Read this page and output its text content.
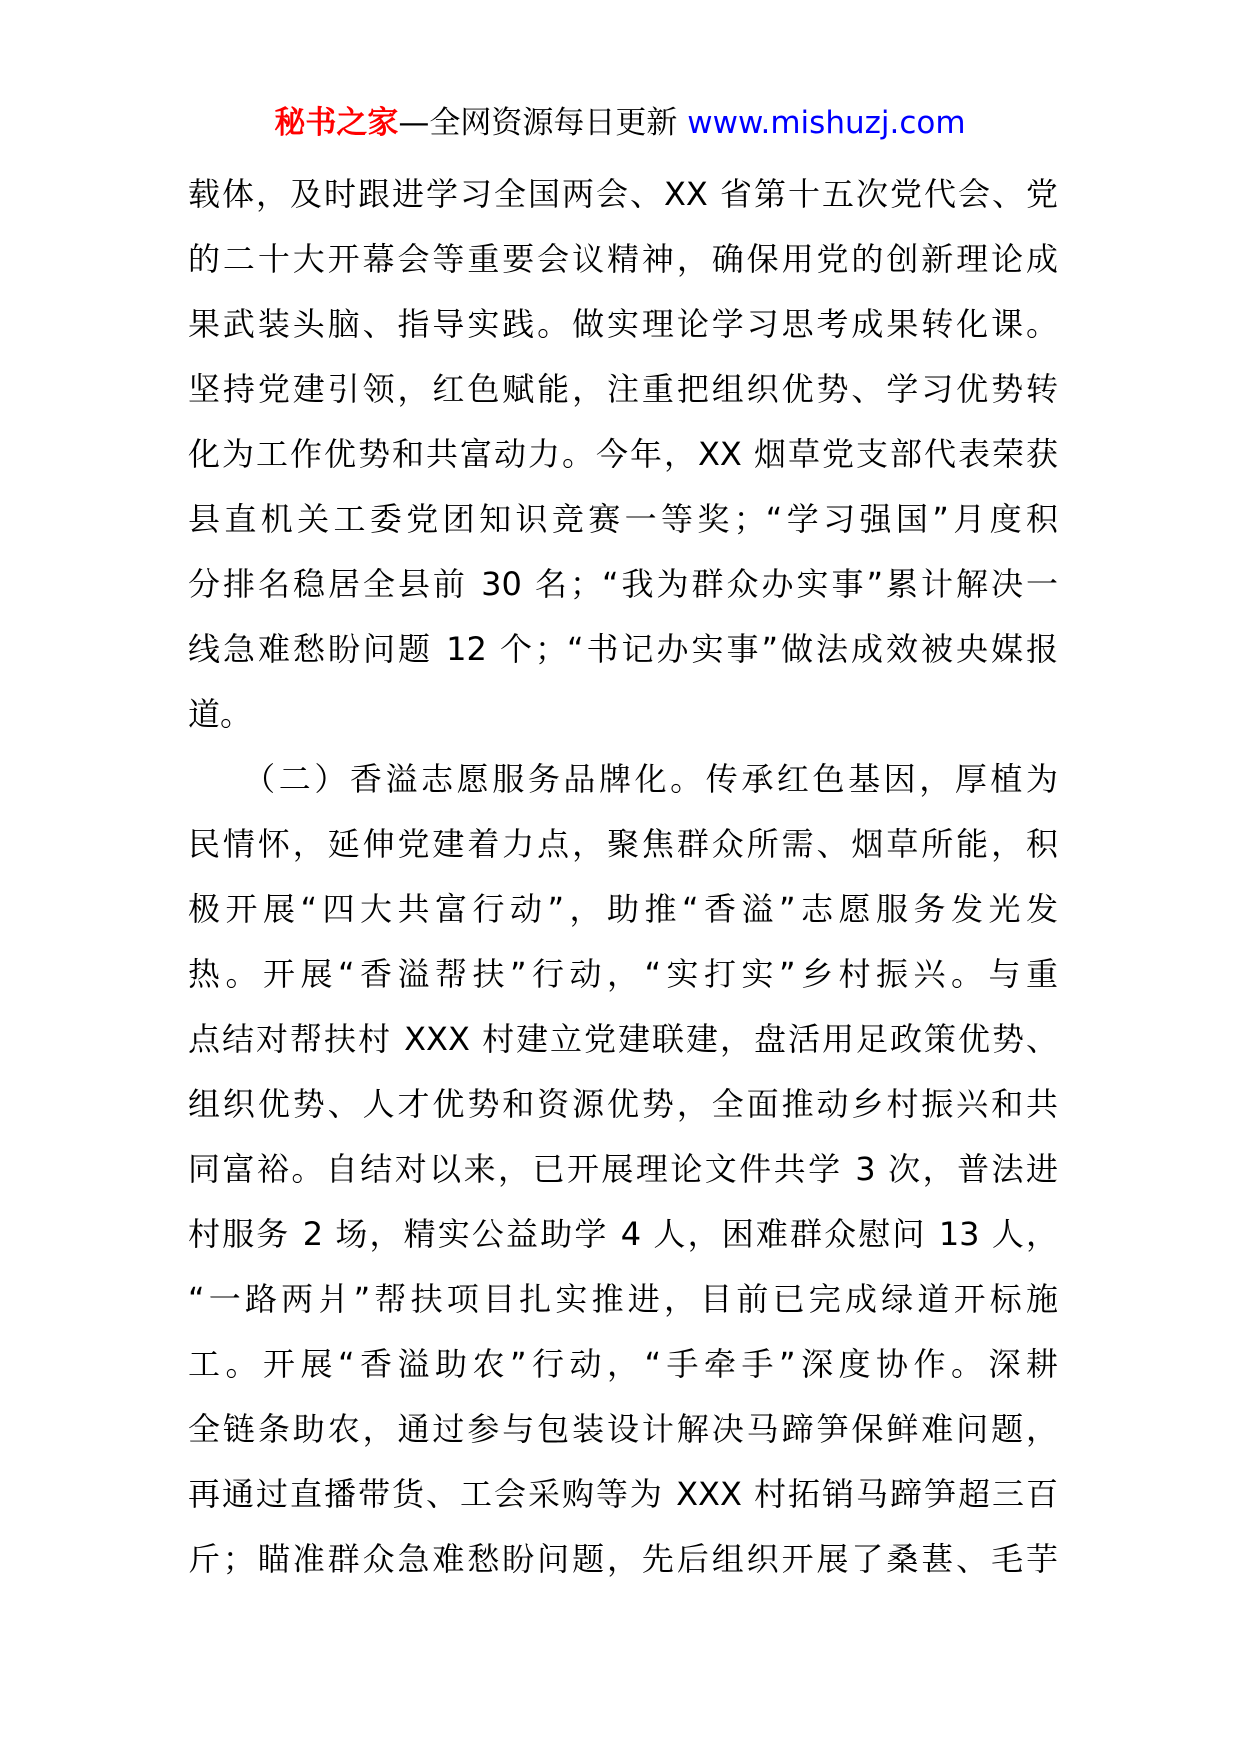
秘书之家—全网资源每日更新 www.mishuzj.com
载体，及时跟进学习全国两会、XX 省第十五次党代会、党
的二十大开幕会等重要会议精神，确保用党的创新理论成
果武装头脑、指导实践。做实理论学习思考成果转化课。
坚持党建引领，红色赋能，注重把组织优势、学习优势转
化为工作优势和共富动力。今年，XX 烟草党支部代表荣获
县直机关工委党团知识竞赛一等奖；“学习强国”月度积
分排名稳居全县前 30 名；“我为群众办实事”累计解决一
线急难愁盼问题 12 个；“书记办实事”做法成效被央媒报
道。
　　（二）香溢志愿服务品牌化。传承红色基因，厚植为
民情怀，延伸党建着力点，聚焦群众所需、烟草所能，积
极开展“四大共富行动”，助推“香溢”志愿服务发光发
热。开展“香溢帮扶”行动，“实打实”乡村振兴。与重
点结对帮扶村 XXX 村建立党建联建，盘活用足政策优势、
组织优势、人才优势和资源优势，全面推动乡村振兴和共
同富裕。自结对以来，已开展理论文件共学 3 次，普法进
村服务 2 场，精实公益助学 4 人，困难群众慰问 13 人，
“一路两爿”帮扶项目扎实推进，目前已完成绿道开标施
工。开展“香溢助农”行动，“手牵手”深度协作。深耕
全链条助农，通过参与包装设计解决马蹄笋保鲜难问题，
再通过直播带货、工会采购等为 XXX 村拓销马蹄笋超三百
斤；瞄准群众急难愁盼问题，先后组织开展了桑葚、毛芋
